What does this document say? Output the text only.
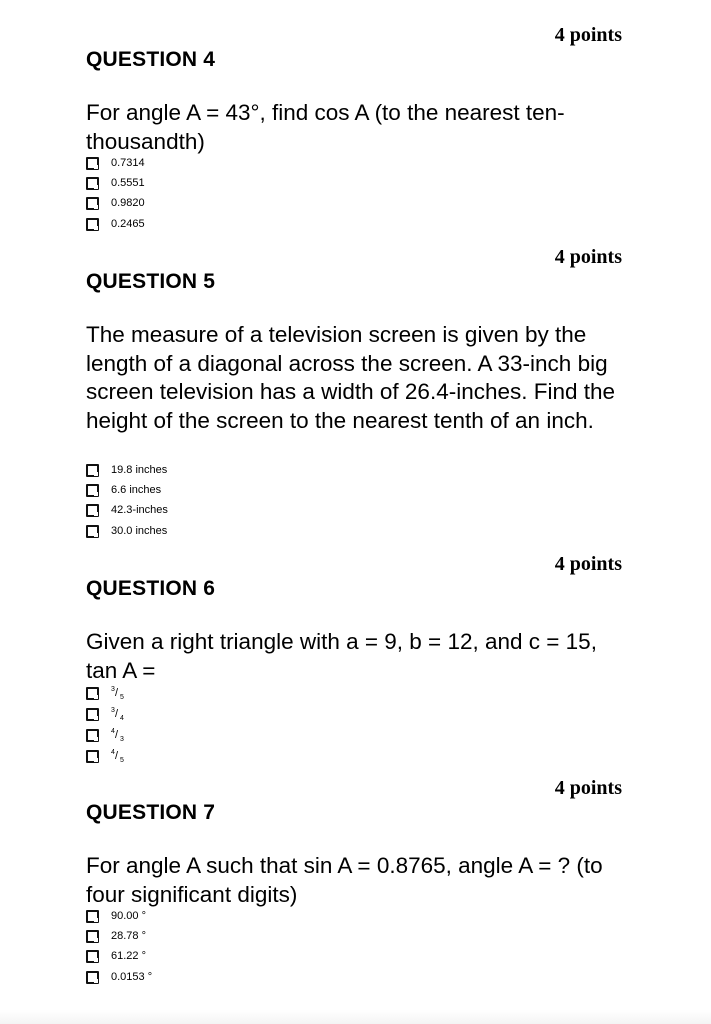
4 points
QUESTION 4
For angle A = 43°, find cos A (to the nearest ten-thousandth)
0.7314
0.5551
0.9820
0.2465
4 points
QUESTION 5
The measure of a television screen is given by the length of a diagonal across the screen. A 33-inch big screen television has a width of 26.4-inches. Find the height of the screen to the nearest tenth of an inch.
19.8 inches
6.6 inches
42.3-inches
30.0 inches
4 points
QUESTION 6
Given a right triangle with a = 9, b = 12, and c = 15, tan A =
3 / 5
3 / 4
4 / 3
4 / 5
4 points
QUESTION 7
For angle A such that sin A = 0.8765, angle A = ? (to four significant digits)
90.00 °
28.78 °
61.22 °
0.0153 °
